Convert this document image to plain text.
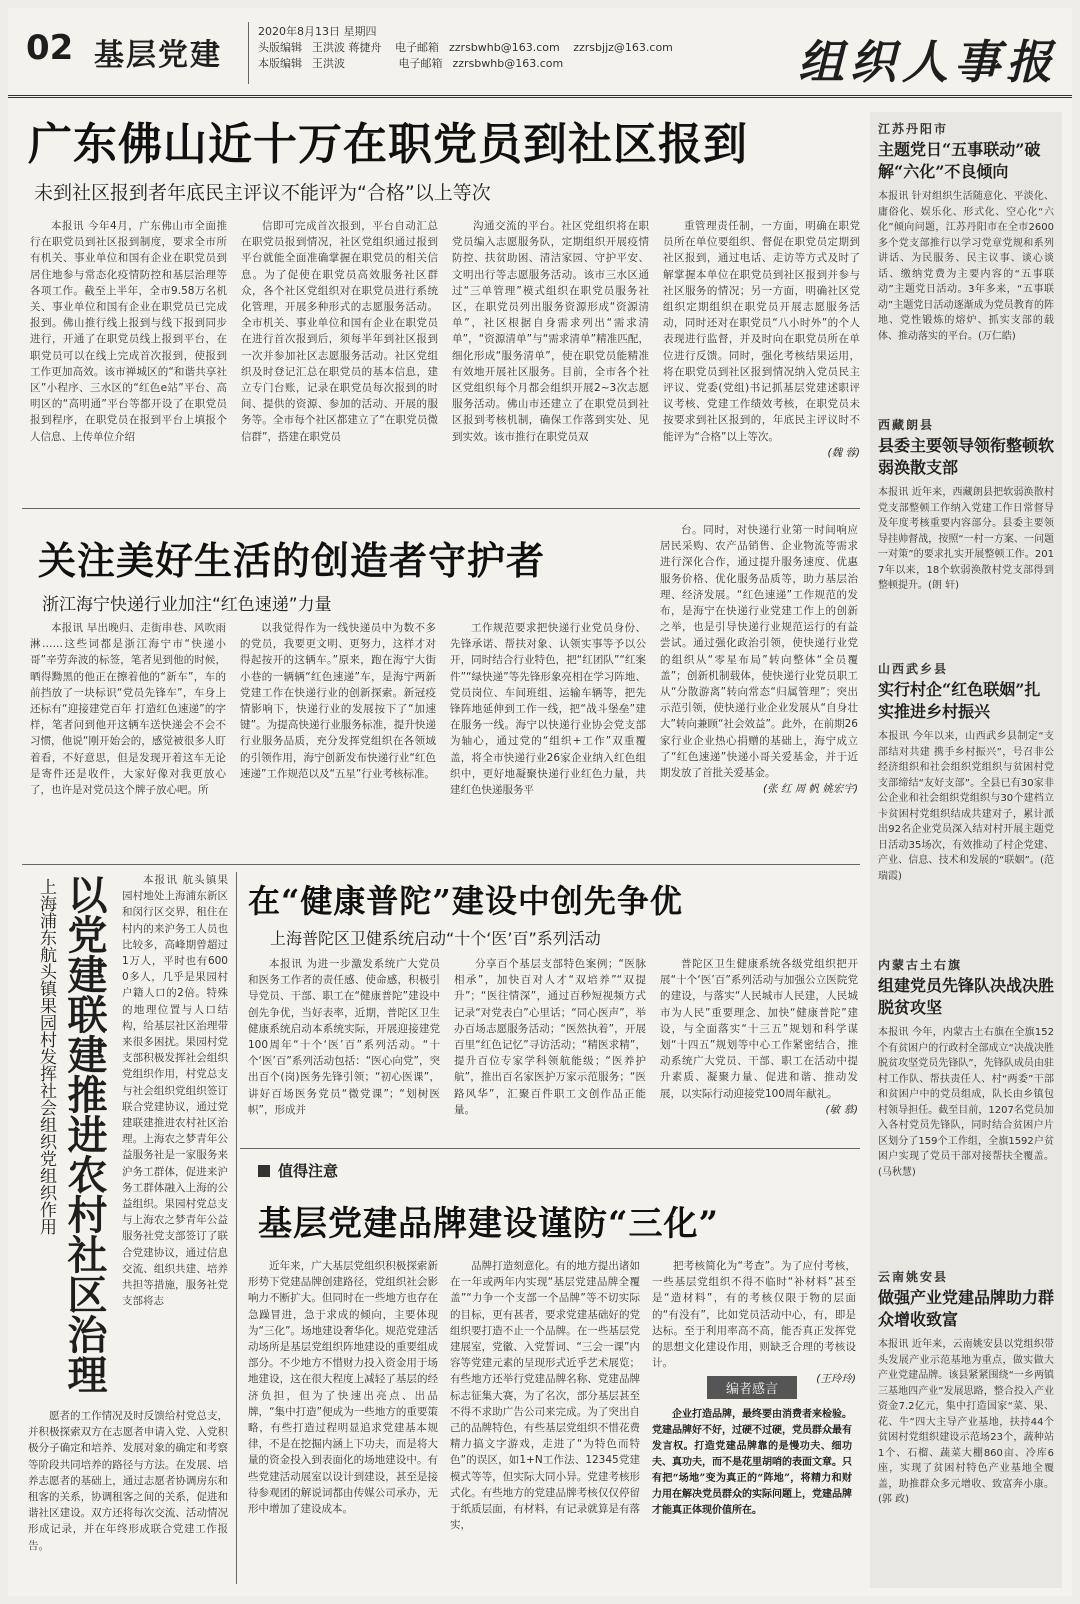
02 基层党建
2020年8月13日 星期四
头版编辑 王洪波 蒋捷舟 电子邮箱 zzrsbwhb@163.com zzrsbjjz@163.com
本版编辑 王洪波	电子邮箱 zzrsbwhb@163.com	组织人事报
广东佛山近十万在职党员到社区报到
未到社区报到者年底民主评议不能评为“合格”以上等次

本报讯 今年4月，广东佛山市全面推行在职党员到社区报到制度，要求全市所有机关、事业单位和国有企业在职党员到居住地参与常态化疫情防控和基层治理等各项工作。截至上半年，全市9.58万名机关、事业单位和国有企业在职党员已完成报到。佛山推行线上报到与线下报到同步进行，开通了在职党员线上报到平台，在职党员可以在线上完成首次报到，使报到工作更加高效。该市禅城区的“和谐共享社区”小程序、三水区的“红色e站”平台、高明区的“高明通”平台等都开设了在职党员报到程序，在职党员在报到平台上填报个人信息、上传单位介绍

信即可完成首次报到，平台自动汇总在职党员报到情况，社区党组织通过报到平台就能全面准确掌握在职党员的相关信息。为了促使在职党员高效服务社区群众，各个社区党组织对在职党员进行系统化管理，开展多种形式的志愿服务活动。全市机关、事业单位和国有企业在职党员在进行首次报到后，须每半年到社区报到一次并参加社区志愿服务活动。社区党组织及时登记汇总在职党员的基本信息，建立专门台账，记录在职党员每次报到的时间、提供的资源、参加的活动、开展的服务等。全市每个社区都建立了“在职党员微信群”，搭建在职党员

沟通交流的平台。社区党组织将在职党员编入志愿服务队，定期组织开展疫情防控、扶贫助困、清洁家园、守护平安、文明出行等志愿服务活动。该市三水区通过“三单管理”模式组织在职党员服务社区，在职党员列出服务资源形成“资源清单”，社区根据自身需求列出“需求清单”，“资源清单”与“需求清单”精准匹配，细化形成“服务清单”，使在职党员能精准有效地开展社区服务。目前，全市各个社区党组织每个月都会组织开展2~3次志愿服务活动。佛山市还建立了在职党员到社区报到考核机制，确保工作落到实处、见到实效。该市推行在职党员双

重管理责任制，一方面，明确在职党员所在单位要组织、督促在职党员定期到社区报到，通过电话、走访等方式及时了解掌握本单位在职党员到社区报到并参与社区服务的情况；另一方面，明确社区党组织定期组织在职党员开展志愿服务活动，同时还对在职党员“八小时外”的个人表现进行监督，并及时向在职党员所在单位进行反馈。同时，强化考核结果运用，将在职党员到社区报到情况纳入党员民主评议、党委(党组)书记抓基层党建述职评议考核、党建工作绩效考核，在职党员未按要求到社区报到的，年底民主评议时不能评为“合格”以上等次。

(魏 蓉)
关注美好生活的创造者守护者
浙江海宁快递行业加注“红色速递”力量

本报讯 早出晚归、走街串巷、风吹雨淋……这些词都是浙江海宁市“快递小哥”辛劳奔波的标签，笔者见到他的时候，晒得黝黑的他正在擦着他的“新车”，车的前挡放了一块标识“党员先锋车”，车身上还标有“迎接建党百年 打造红色速递”的字样，笔者问到他开这辆车送快递会不会不习惯，他说“刚开始会的，感觉被很多人盯着看，不好意思，但是发现开着这车无论是寄件还是收件，大家好像对我更放心了，也许是对党员这个牌子放心吧。所

以我觉得作为一线快递员中为数不多的党员，我要更文明、更努力，这样才对得起按开的这辆车。”原来，跑在海宁大街小巷的一辆辆“红色速递”车，是海宁两新党建工作在快递行业的创新探索。新冠疫情影响下，快递行业的发展按下了“加速键”。为提高快递行业服务标准，提升快递行业服务品质，充分发挥党组织在各领域的引领作用，海宁创新发布快递行业“红色速递”工作规范以及“五星”行业考核标准。

工作规范要求把快递行业党员身份、先锋承诺、帮扶对象、认领实事等予以公开，同时结合行业特色，把“红团队”“红案件”“绿快递”等先锋形象亮相在学习阵地、党员岗位、车间班组、运输车辆等，把先锋阵地延伸到工作一线，把“战斗堡垒”建在服务一线。海宁以快递行业协会党支部为轴心，通过党的“组织+工作”双重覆盖，将全市快递行业26家企业纳入红色组织中，更好地凝聚快递行业红色力量，共建红色快递服务平

台。同时，对快递行业第一时间响应居民采购、农产品销售、企业物流等需求进行深化合作，通过提升服务速度、优惠服务价格、优化服务品质等，助力基层治理、经济发展。“红色速递”工作规范的发布，是海宁在快递行业党建工作上的创新之举，也是引导快递行业规范运行的有益尝试。通过强化政治引领，使快递行业党的组织从“零星布局”转向整体“全员覆盖”；创新机制载体，使快递行业党员职工从“分散游离”转向常态“归属管理”；突出示范引领，使快递行业企业发展从“自身壮大”转向兼顾“社会效益”。此外，在前期26家行业企业热心捐赠的基础上，海宁成立了“红色速递”快递小哥关爱基金，并于近期发放了首批关爱基金。

(张 红 周 帆 姚宏宇)
上海浦东航头镇果园村发挥社会组织党组织作用 以党建联建推进农村社区治理	本报讯 航头镇果园村地处上海浦东新区和闵行区交界，租住在村内的来沪务工人员也比较多，高峰期曾超过1万人，平时也有6000多人，几乎是果园村户籍人口的2倍。特殊的地理位置与人口结构，给基层社区治理带来很多困扰。果园村党支部积极发挥社会组织党组织作用，村党总支与社会组织党组织签订联合党建协议，通过党建联建推进农村社区治理。上海农之梦青年公益服务社是一家服务来沪务工群体，促进来沪务工群体融入上海的公益组织。果园村党总支与上海农之梦青年公益服务社党支部签订了联合党建协议，通过信息交流、组织共建、培养共担等措施，服务社党支部将志

愿者的工作情况及时反馈给村党总支，并积极探索双方在志愿者申请入党、入党积极分子确定和培养、发展对象的确定和考察等阶段共同培养的路径与方法。在发展、培养志愿者的基础上，通过志愿者协调房东和租客的关系，协调租客之间的关系，促进和谐社区建设。双方还将每次交流、活动情况形成记录，并在年终形成联合党建工作报告。

在“健康普陀”建设中创先争优
上海普陀区卫健系统启动“十个‘医’百”系列活动

本报讯 为进一步激发系统广大党员和医务工作者的责任感、使命感，积极引导党员、干部、职工在“健康普陀”建设中创先争优，当好表率，近期，普陀区卫生健康系统启动本系统实际，开展迎接建党100周年“十个‘医’百”系列活动。“十个‘医’百”系列活动包括：“医心向党”，突出百个(岗)医务先锋引领；“初心医课”，讲好百场医务党员“微党课”；“划树医帜”，形成并

分享百个基层支部特色案例；“医脉相承”，加快百对人才“双培养”“双提升”；“医往情深”，通过百秒短视频方式记录“对党表白”心里话；“同心医声”，举办百场志愿服务活动；“医然执着”，开展百里“红色记忆”寻访活动；“精医求精”，提升百位专家学科领航能级；“医养护航”，推出百名家医护万家示范服务；“医路风华”，汇聚百件职工文创作品正能量。

普陀区卫生健康系统各级党组织把开展“十个‘医’百”系列活动与加强公立医院党的建设，与落实“人民城市人民建，人民城市为人民”重要理念、加快“健康普陀”建设，与全面落实“十三五”规划和科学谋划“十四五”规划等中心工作紧密结合，推动系统广大党员、干部、职工在活动中提升素质、凝聚力量、促进和谐、推动发展，以实际行动迎接党100周年献礼。

(敏 慕)
值得注意
基层党建品牌建设谨防“三化”

近年来，广大基层党组织积极探索新形势下党建品牌创建路径，党组织社会影响力不断扩大。但同时在一些地方也存在急躁冒进，急于求成的倾向，主要体现为“三化”。场地建设奢华化。规范党建活动场所是基层党组织阵地建设的重要组成部分。不少地方不惜财力投入资金用于场地建设，这在很大程度上减轻了基层的经济负担，但为了快速出亮点、出品牌，“集中打造”便成为一些地方的重要策略，有些打造过程明显追求党建基本规律，不是在挖掘内涵上下功夫，而是将大量的资金投入到表面化的场地建设中。有些党建活动展室以设计到建设，甚至是接待参观团的解说词都由传媒公司承办，无形中增加了建设成本。

品牌打造刻意化。有的地方提出诸如在一年或两年内实现“基层党建品牌全覆盖”“力争一个支部一个品牌”等不切实际的目标，更有甚者，要求党建基础好的党组织要打造不止一个品牌。在一些基层党建展室，党徽、入党誓词、“三会一课”内容等党建元素的呈现形式近乎艺术展览；有些地方还举行党建品牌名称、党建品牌标志征集大赛，为了名次，部分基层甚至不得不求助广告公司来完成。为了突出自己的品牌特色，有些基层党组织不惜花费精力搞文字游戏，走进了“为特色而特色”的误区，如1+N工作法、12345党建模式等等，但实际大同小异。党建考核形式化。有些地方的党建品牌考核仅仅停留于纸质层面，有材料，有记录就算是有落实，

把考核简化为“考查”。为了应付考核，一些基层党组织不得不临时“补材料”甚至是“造材料”，有的考核仅限于物的层面的“有没有”，比如党员活动中心，有，即是达标。至于利用率高不高，能否真正发挥党的思想文化建设作用，则缺乏合理的考核设计。

(王玲玲)
编者感言
企业打造品牌，最终要由消费者来检验。党建品牌好不好，过硬不过硬，党员群众最有发言权。打造党建品牌靠的是慢功夫、细功夫、真功夫，而不是花里胡哨的表面文章。只有把“场地”变为真正的“阵地”，将精力和财力用在解决党员群众的实际问题上，党建品牌才能真正体现价值所在。
江苏丹阳市
主题党日“五事联动”破解“六化”不良倾向
本报讯 针对组织生活随意化、平淡化、庸俗化、娱乐化、形式化、空心化“六化”倾向问题，江苏丹阳市在全市2600多个党支部推行以学习党章党规和系列讲话、为民服务、民主议事、谈心谈话、缴纳党费为主要内容的“五事联动”主题党日活动。3年多来，“五事联动”主题党日活动逐渐成为党员教育的阵地、党性锻炼的熔炉、抓实支部的载体、推动落实的平台。(万仁皓)
西藏朗县
县委主要领导领衔整顿软弱涣散支部
本报讯 近年来，西藏朗县把软弱涣散村党支部整顿工作纳入党建工作日常督导及年度考核重要内容部分。县委主要领导挂帅督战，按照“一村一方案、一问题一对策”的要求扎实开展整顿工作。2017年以来，18个软弱涣散村党支部得到整顿提升。(朗 轩)
山西武乡县
实行村企“红色联姻”扎实推进乡村振兴
本报讯 今年以来，山西武乡县制定“支部结对共建 携手乡村振兴”，号召非公经济组织和社会组织党组织与贫困村党支部缔结“友好支部”。全县已有30家非公企业和社会组织党组织与30个建档立卡贫困村党组织结成共建对子，累计派出92名企业党员深入结对村开展主题党日活动35场次，有效推动了村企党建、产业、信息、技术和发展的“联姻”。(范瑞霞)
内蒙古土右旗
组建党员先锋队决战决胜脱贫攻坚
本报讯 今年，内蒙古土右旗在全旗152个有贫困户的行政村全部成立“决战决胜脱贫攻坚党员先锋队”，先锋队成员由驻村工作队、帮扶责任人、村“两委”干部和贫困户中的党员组成，队长由乡镇包村领导担任。截至目前，1207名党员加入各村党员先锋队，同时结合贫困户片区划分了159个工作组，全旗1592户贫困户实现了党员干部对接帮扶全覆盖。(马秋慧)
云南姚安县
做强产业党建品牌助力群众增收致富
本报讯 近年来，云南姚安县以党组织带头发展产业示范基地为重点，做实做大产业党建品牌。该县紧紧围绕“一乡两镇三基地四产业”发展思路，整合投入产业资金7.2亿元，集中打造国家“菜、果、花、牛”四大主导产业基地，扶持44个贫困村党组织建设示范场23个，蔬种站1个、石榴、蔬菜大棚860亩、冷库6座，实现了贫困村特色产业基地全覆盖，助推群众多元增收、致富奔小康。(郭 政)
